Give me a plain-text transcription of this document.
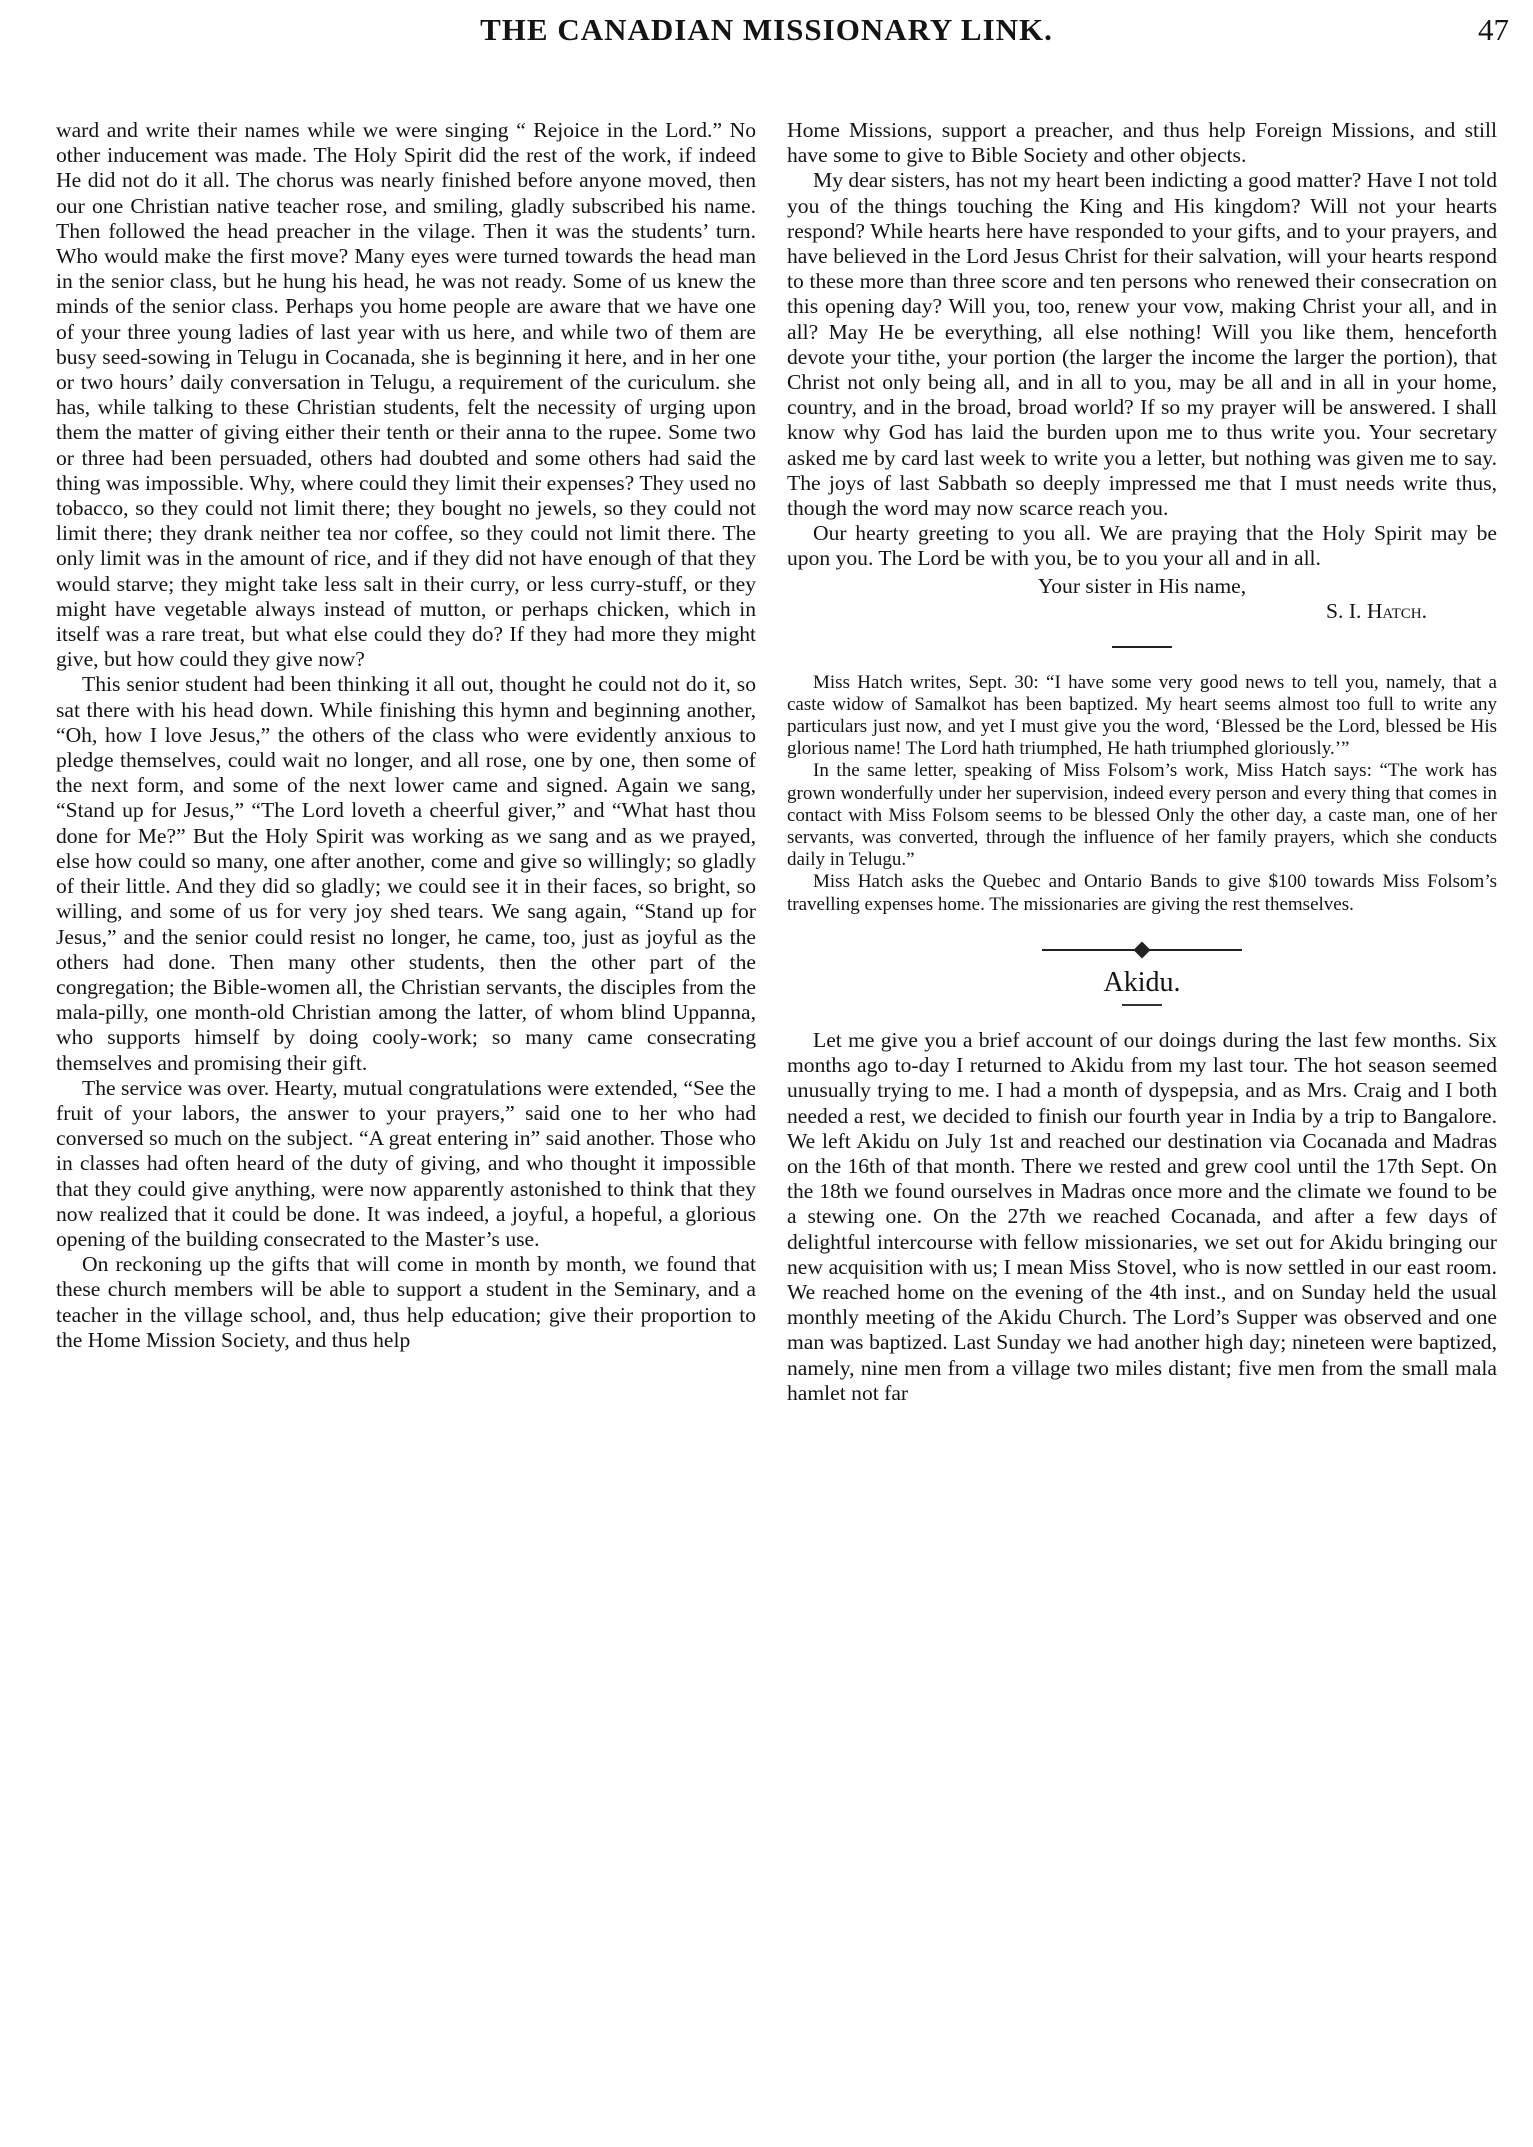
THE CANADIAN MISSIONARY LINK.	47

ward and write their names while we were singing “ Rejoice in the Lord.” No other inducement was made. The Holy Spirit did the rest of the work, if indeed He did not do it all. The chorus was nearly finished before anyone moved, then our one Christian native teacher rose, and smiling, gladly subscribed his name. Then followed the head preacher in the vilage. Then it was the students’ turn. Who would make the first move? Many eyes were turned towards the head man in the senior class, but he hung his head, he was not ready. Some of us knew the minds of the senior class. Perhaps you home people are aware that we have one of your three young ladies of last year with us here, and while two of them are busy seed-sowing in Telugu in Cocanada, she is beginning it here, and in her one or two hours’ daily conversation in Telugu, a requirement of the curiculum. she has, while talking to these Christian students, felt the necessity of urging upon them the matter of giving either their tenth or their anna to the rupee. Some two or three had been persuaded, others had doubted and some others had said the thing was impossible. Why, where could they limit their expenses? They used no tobacco, so they could not limit there; they bought no jewels, so they could not limit there; they drank neither tea nor coffee, so they could not limit there. The only limit was in the amount of rice, and if they did not have enough of that they would starve; they might take less salt in their curry, or less curry-stuff, or they might have vegetable always instead of mutton, or perhaps chicken, which in itself was a rare treat, but what else could they do? If they had more they might give, but how could they give now?

This senior student had been thinking it all out, thought he could not do it, so sat there with his head down. While finishing this hymn and beginning another, “Oh, how I love Jesus,” the others of the class who were evidently anxious to pledge themselves, could wait no longer, and all rose, one by one, then some of the next form, and some of the next lower came and signed. Again we sang, “Stand up for Jesus,” “The Lord loveth a cheerful giver,” and “What hast thou done for Me?” But the Holy Spirit was working as we sang and as we prayed, else how could so many, one after another, come and give so willingly; so gladly of their little. And they did so gladly; we could see it in their faces, so bright, so willing, and some of us for very joy shed tears. We sang again, “Stand up for Jesus,” and the senior could resist no longer, he came, too, just as joyful as the others had done. Then many other students, then the other part of the congregation; the Bible-women all, the Christian servants, the disciples from the mala-pilly, one month-old Christian among the latter, of whom blind Uppanna, who supports himself by doing cooly-work; so many came consecrating themselves and promising their gift.

The service was over. Hearty, mutual congratulations were extended, “See the fruit of your labors, the answer to your prayers,” said one to her who had conversed so much on the subject. “A great entering in” said another. Those who in classes had often heard of the duty of giving, and who thought it impossible that they could give anything, were now apparently astonished to think that they now realized that it could be done. It was indeed, a joyful, a hopeful, a glorious opening of the building consecrated to the Master’s use.

On reckoning up the gifts that will come in month by month, we found that these church members will be able to support a student in the Seminary, and a teacher in the village school, and, thus help education; give their proportion to the Home Mission Society, and thus help

Home Missions, support a preacher, and thus help Foreign Missions, and still have some to give to Bible Society and other objects.

My dear sisters, has not my heart been indicting a good matter? Have I not told you of the things touching the King and His kingdom? Will not your hearts respond? While hearts here have responded to your gifts, and to your prayers, and have believed in the Lord Jesus Christ for their salvation, will your hearts respond to these more than three score and ten persons who renewed their consecration on this opening day? Will you, too, renew your vow, making Christ your all, and in all? May He be everything, all else nothing! Will you like them, henceforth devote your tithe, your portion (the larger the income the larger the portion), that Christ not only being all, and in all to you, may be all and in all in your home, country, and in the broad, broad world? If so my prayer will be answered. I shall know why God has laid the burden upon me to thus write you. Your secretary asked me by card last week to write you a letter, but nothing was given me to say. The joys of last Sabbath so deeply impressed me that I must needs write thus, though the word may now scarce reach you.

Our hearty greeting to you all. We are praying that the Holy Spirit may be upon you. The Lord be with you, be to you your all and in all.

Your sister in His name,
S. I. Hatch.

Miss Hatch writes, Sept. 30: “I have some very good news to tell you, namely, that a caste widow of Samalkot has been baptized. My heart seems almost too full to write any particulars just now, and yet I must give you the word, ‘Blessed be the Lord, blessed be His glorious name! The Lord hath triumphed, He hath triumphed gloriously.’”

In the same letter, speaking of Miss Folsom’s work, Miss Hatch says: “The work has grown wonderfully under her supervision, indeed every person and every thing that comes in contact with Miss Folsom seems to be blessed Only the other day, a caste man, one of her servants, was converted, through the influence of her family prayers, which she conducts daily in Telugu.”

Miss Hatch asks the Quebec and Ontario Bands to give $100 towards Miss Folsom’s travelling expenses home. The missionaries are giving the rest themselves.

Akidu.

Let me give you a brief account of our doings during the last few months. Six months ago to-day I returned to Akidu from my last tour. The hot season seemed unusually trying to me. I had a month of dyspepsia, and as Mrs. Craig and I both needed a rest, we decided to finish our fourth year in India by a trip to Bangalore. We left Akidu on July 1st and reached our destination via Cocanada and Madras on the 16th of that month. There we rested and grew cool until the 17th Sept. On the 18th we found ourselves in Madras once more and the climate we found to be a stewing one. On the 27th we reached Cocanada, and after a few days of delightful intercourse with fellow missionaries, we set out for Akidu bringing our new acquisition with us; I mean Miss Stovel, who is now settled in our east room. We reached home on the evening of the 4th inst., and on Sunday held the usual monthly meeting of the Akidu Church. The Lord’s Supper was observed and one man was baptized. Last Sunday we had another high day; nineteen were baptized, namely, nine men from a village two miles distant; five men from the small mala hamlet not far
